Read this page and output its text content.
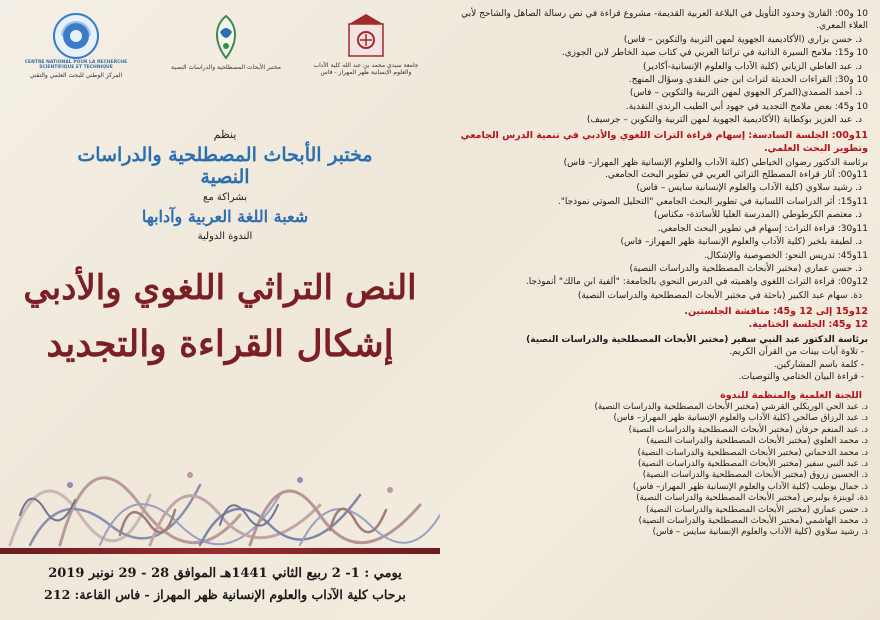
CENTRE NATIONAL POUR LA RECHERCHE SCIENTIFIQUE ET TECHNIQUE
المركز الوطني للبحث العلمي والتقني
مختبر الأبحاث المصطلحية والدراسات النصية	جامعة سيدي محمد بن عبد الله كلية الآداب والعلوم الإنسانية ظهر المهراز - فاس
ينظم
مختبر الأبحاث المصطلحية والدراسات النصية
بشراكة مع
شعبة اللغة العربية وآدابها
الندوة الدولية
النص التراثي اللغوي والأدبي
إشكال القراءة والتجديد
يومي : 1- 2 ربيع الثاني 1441هـ الموافق 28 - 29 نونبر 2019
برحاب كلية الآداب والعلوم الإنسانية ظهر المهراز - فاس القاعة: 212
10 و00: القارئ وحدود التأويل في البلاغة العربية القديمة- مشروع قراءة في نص رسالة الصاهل والشاحج لأبي العلاء المعري.
ذ. حسن بزاري (الأكاديمية الجهوية لمهن التربية والتكوين – فاس)
10 و15: ملامح السيرة الذاتية في تراثنا العربي في كتاب صيد الخاطر لابن الجوزي.
د. عبد العاطي الزياني (كلية الآداب والعلوم الإنسانية-أكادير)
10 و30: القراءات الحديثة لتراث ابن جني النقدي وسؤال المنهج.
ذ. أحمد الصمدي(المركز الجهوي لمهن التربية والتكوين – فاس)
10 و45: بعض ملامح التجديد في جهود أبي الطيب الرندي النقدية.
د. عبد العزيز بوكطاية (الأكاديمية الجهوية لمهن التربية والتكوين – جرسيف)
11و00: الجلسة السادسة: إسهام قراءة التراث اللغوي والأدبي في تنمية الدرس الجامعي وتطوير البحث العلمي.
برئاسة الدكتور رضوان الخياطي (كلية الآداب والعلوم الإنسانية ظهر المهراز– فاس)
11و00: آثار قراءة المصطلح التراثي العربي في تطوير البحث الجامعي.
ذ. رشيد سلاوي (كلية الآداب والعلوم الإنسانية سايس – فاس)
11و15: أثر الدراسات اللسانية في تطوير البحث الجامعي "التحليل الصوتي نموذجا".
ذ. معتصم الكرطوطي (المدرسة العليا للأساتذة- مكناس)
11و30: قراءة التراث: إسهام في تطوير البحث الجامعي.
د. لطيفة بلخير (كلية الآداب والعلوم الإنسانية ظهر المهراز– فاس)
11و45: تدريس النحو: الخصوصية والإشكال.
ذ. حسن عماري (مختبر الأبحاث المصطلحية والدراسات النصية)
12و00: قراءة التراث اللغوي واهميته في الدرس النحوي بالجامعة: "ألفية ابن مالك" أنموذجا.
ذة. سهام عبد الكبير (باحثة في مختبر الأبحاث المصطلحية والدراسات النصية)
12و15 إلى 12 و45: مناقشة الجلستين.
12 و45: الجلسة الختامية.
برئاسة الدكتور عبد النبي سفير (مختبر الأبحاث المصطلحية والدراسات النصية)
- تلاوة آيات بينات من القرآن الكريم.
- كلمة باسم المشاركين.
- قراءة البيان الختامي والتوصيات.
اللجنة العلمية والمنظمة للندوة
د. عبد الحي الوريكلي القرشي (مختبر الأبحاث المصطلحية والدراسات النصية)
د. عبد الرزاق صالحي (كلية الآداب والعلوم الإنسانية ظهر المهراز– فاس)
د. عبد المنعم حرفان (مختبر الأبحاث المصطلحية والدراسات النصية)
د. محمد العلوي (مختبر الأبحاث المصطلحية والدراسات النصية)
د. محمد الدحماني (مختبر الأبحاث المصطلحية والدراسات النصية)
د. عبد النبي سفير (مختبر الأبحاث المصطلحية والدراسات النصية)
ذ. الحسين زروق (مختبر الأبحاث المصطلحية والدراسات النصية)
ذ. جمال بوطيب (كلية الآداب والعلوم الإنسانية ظهر المهراز– فاس)
ذة. لوبنزة بولبرص (مختبر الأبحاث المصطلحية والدراسات النصية)
ذ. حسن عماري (مختبر الأبحاث المصطلحية والدراسات النصية)
ذ. محمد الهاشمي (مختبر الأبحاث المصطلحية والدراسات النصية)
ذ. رشيد سلاوي (كلية الآداب والعلوم الإنسانية سايس – فاس)
